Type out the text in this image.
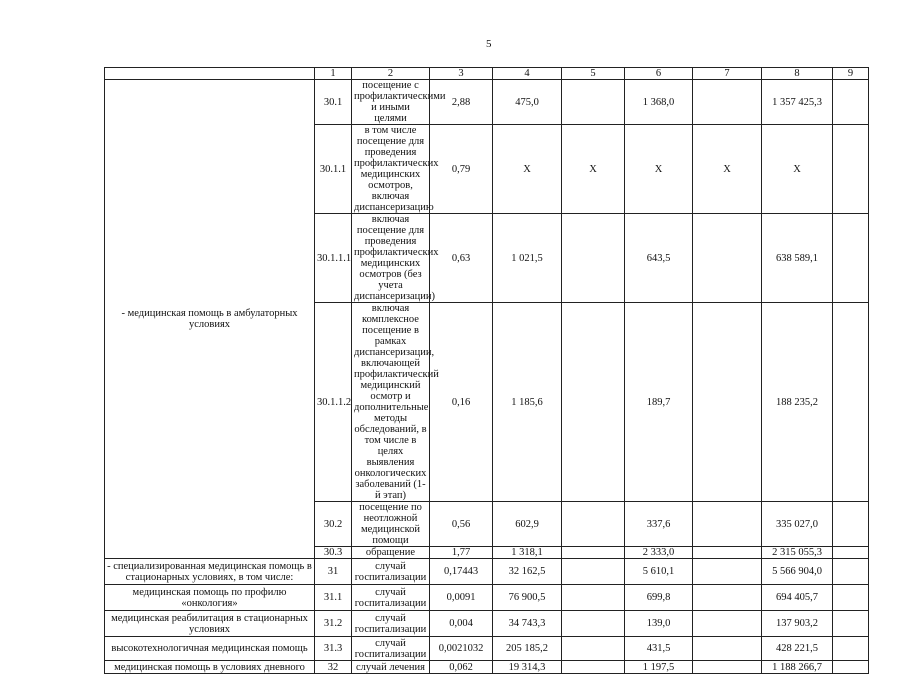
5
	1	2	3	4	5	6	7	8	9
- медицинская помощь в амбулаторных условиях	30.1	посещение с профилактическими и иными целями	2,88	475,0		1 368,0		1 357 425,3	
	30.1.1	в том числе посещение для проведения профилактических медицинских осмотров, включая диспансеризацию	0,79	Х	Х	Х	Х	Х	
	30.1.1.1	включая посещение для проведения профилактических медицинских осмотров (без учета диспансеризации)	0,63	1 021,5		643,5		638 589,1	
	30.1.1.2	включая комплексное посещение в рамках диспансеризации, включающей профилактический медицинский осмотр и дополнительные методы обследований, в том числе в целях выявления онкологических заболеваний (1-й этап)	0,16	1 185,6		189,7		188 235,2	
	30.2	посещение по неотложной медицинской помощи	0,56	602,9		337,6		335 027,0	
	30.3	обращение	1,77	1 318,1		2 333,0		2 315 055,3	
- специализированная медицинская помощь в стационарных условиях, в том числе:	31	случай госпитализации	0,17443	32 162,5		5 610,1		5 566 904,0	
медицинская помощь по профилю «онкология»	31.1	случай госпитализации	0,0091	76 900,5		699,8		694 405,7	
медицинская реабилитация в стационарных условиях	31.2	случай госпитализации	0,004	34 743,3		139,0		137 903,2	
высокотехнологичная медицинская помощь	31.3	случай госпитализации	0,0021032	205 185,2		431,5		428 221,5	
медицинская помощь в условиях дневного	32	случай лечения	0,062	19 314,3		1 197,5		1 188 266,7	
